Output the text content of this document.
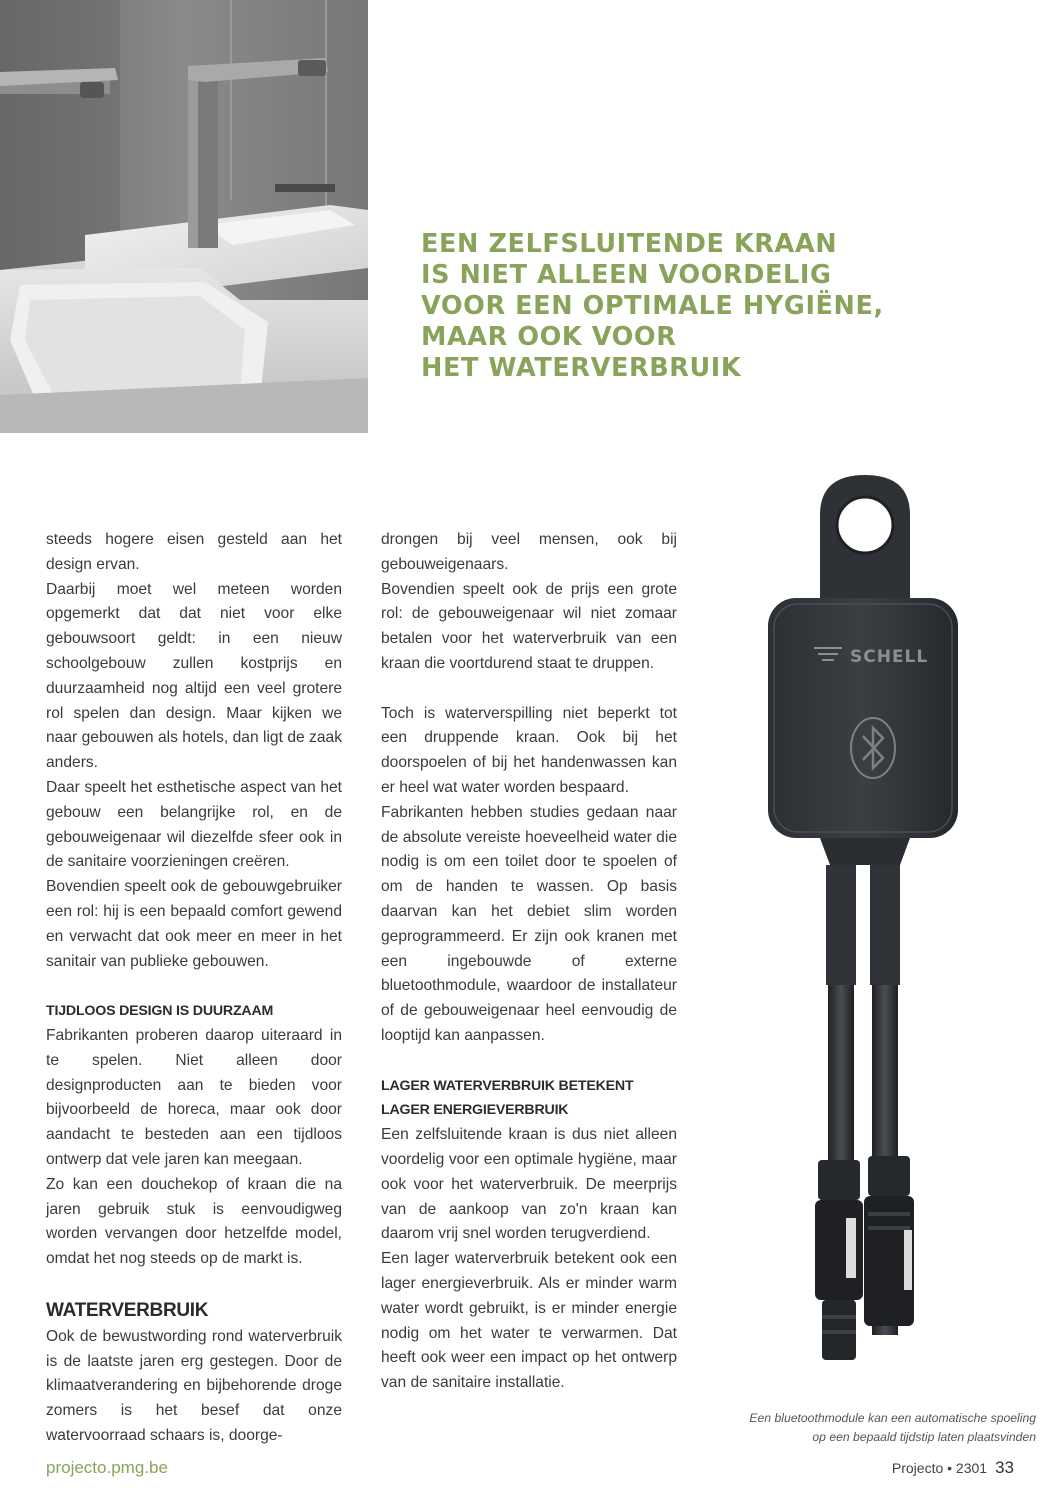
EEN ZELFSLUITENDE KRAAN
IS NIET ALLEEN VOORDELIG
VOOR EEN OPTIMALE HYGIËNE,
MAAR OOK VOOR
HET WATERVERBRUIK

steeds hogere eisen gesteld aan het design ervan.

Daarbij moet wel meteen worden opgemerkt dat dat niet voor elke gebouwsoort geldt: in een nieuw schoolgebouw zullen kostprijs en duurzaamheid nog altijd een veel grotere rol spelen dan design. Maar kijken we naar gebouwen als hotels, dan ligt de zaak anders.

Daar speelt het esthetische aspect van het gebouw een belangrijke rol, en de gebouweigenaar wil diezelfde sfeer ook in de sanitaire voorzieningen creëren.

Bovendien speelt ook de gebouwgebruiker een rol: hij is een bepaald comfort gewend en verwacht dat ook meer en meer in het sanitair van publieke gebouwen.

TIJDLOOS DESIGN IS DUURZAAM

Fabrikanten proberen daarop uiteraard in te spelen. Niet alleen door designproducten aan te bieden voor bijvoorbeeld de horeca, maar ook door aandacht te besteden aan een tijdloos ontwerp dat vele jaren kan meegaan.

Zo kan een douchekop of kraan die na jaren gebruik stuk is eenvoudigweg worden vervangen door hetzelfde model, omdat het nog steeds op de markt is.

WATERVERBRUIK

Ook de bewustwording rond waterverbruik is de laatste jaren erg gestegen. Door de klimaatverandering en bijbehorende droge zomers is het besef dat onze watervoorraad schaars is, doorge-

drongen bij veel mensen, ook bij gebouweigenaars.

Bovendien speelt ook de prijs een grote rol: de gebouweigenaar wil niet zomaar betalen voor het waterverbruik van een kraan die voortdurend staat te druppen.

Toch is waterverspilling niet beperkt tot een druppende kraan. Ook bij het doorspoelen of bij het handenwassen kan er heel wat water worden bespaard.

Fabrikanten hebben studies gedaan naar de absolute vereiste hoeveelheid water die nodig is om een toilet door te spoelen of om de handen te wassen. Op basis daarvan kan het debiet slim worden geprogrammeerd. Er zijn ook kranen met een ingebouwde of externe bluetoothmodule, waardoor de installateur of de gebouweigenaar heel eenvoudig de looptijd kan aanpassen.

LAGER WATERVERBRUIK BETEKENT

LAGER ENERGIEVERBRUIK

Een zelfsluitende kraan is dus niet alleen voordelig voor een optimale hygiëne, maar ook voor het waterverbruik. De meerprijs van de aankoop van zo'n kraan kan daarom vrij snel worden terugverdiend.

Een lager waterverbruik betekent ook een lager energieverbruik. Als er minder warm water wordt gebruikt, is er minder energie nodig om het water te verwarmen. Dat heeft ook weer een impact op het ontwerp van de sanitaire installatie.

SCHELL
Een bluetoothmodule kan een automatische spoeling
op een bepaald tijdstip laten plaatsvinden
projecto.pmg.be	Projecto • 2301 33
